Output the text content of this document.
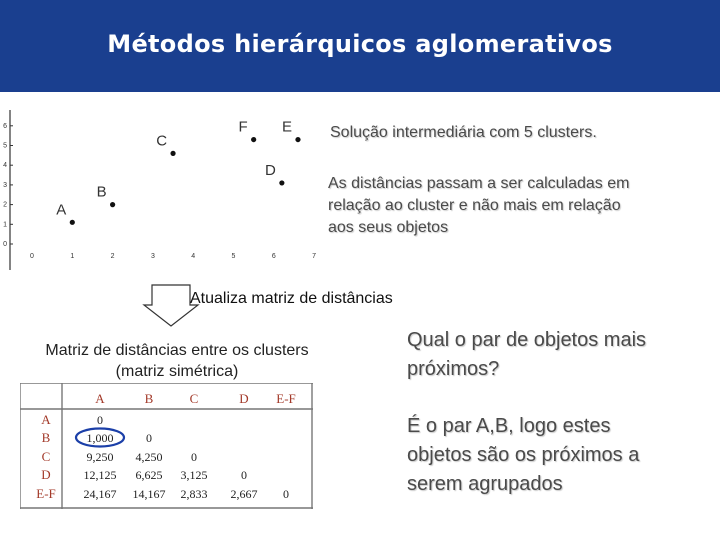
Métodos hierárquicos aglomerativos
0
1
2
3
4
5
6
0	1	2	3	4	5	6	7
A
B
C
D
E
F	Solução intermediária com 5 clusters.
As distâncias passam a ser calculadas em
relação ao cluster e não mais em relação
aos seus objetos
Atualiza matriz de distâncias
Matriz de distâncias entre os clusters
(matriz simétrica)
A	B	C	D E-F
A	0
B	1,000	0
C	9,250 4,250 0
D	12,125 6,625 3,125	0
E-F 24,167 14,167 2,833 2,667 0
Qual o par de objetos mais
próximos?
É o par A,B, logo estes
objetos são os próximos a
serem agrupados
